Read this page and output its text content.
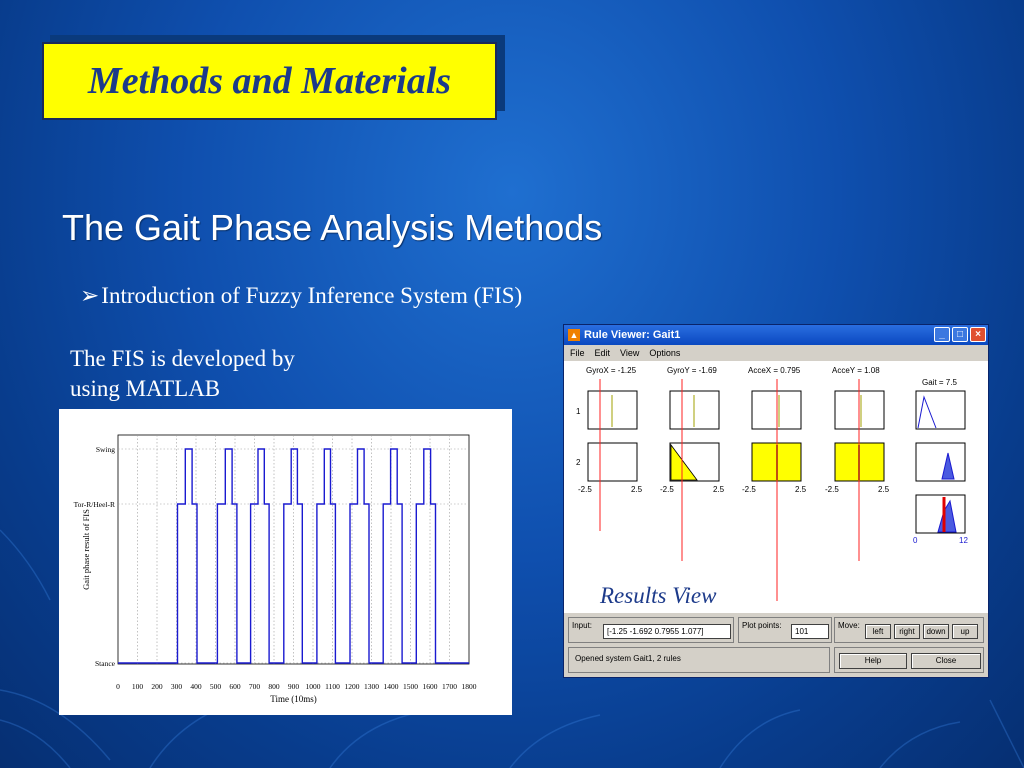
Methods and Materials
The Gait Phase Analysis Methods
➢Introduction of Fuzzy Inference System (FIS)
The FIS is developed by
using MATLAB
0 100 200 300 400 500 600 700 800 900 1000 1100 1200 1300 1400 1500 1600 1700 1800
Stance
Tor-R/Heel-R
Swing
Time (10ms)
Gait phase result of FIS
▲ Rule Viewer: Gait1	_	□	×
File Edit View Options
GyroX = -1.25	GyroY = -1.69	AcceX = 0.795	AcceY = 1.08
Gait = 7.5
1
2
-2.5	2.5 -2.5	2.5 -2.5	2.5 -2.5	2.5
0	12
Results View
Input:
[-1.25 -1.692 0.7955 1.077]
Plot points:
101
Move:
left	right	down	up
Opened system Gait1, 2 rules	Help	Close
